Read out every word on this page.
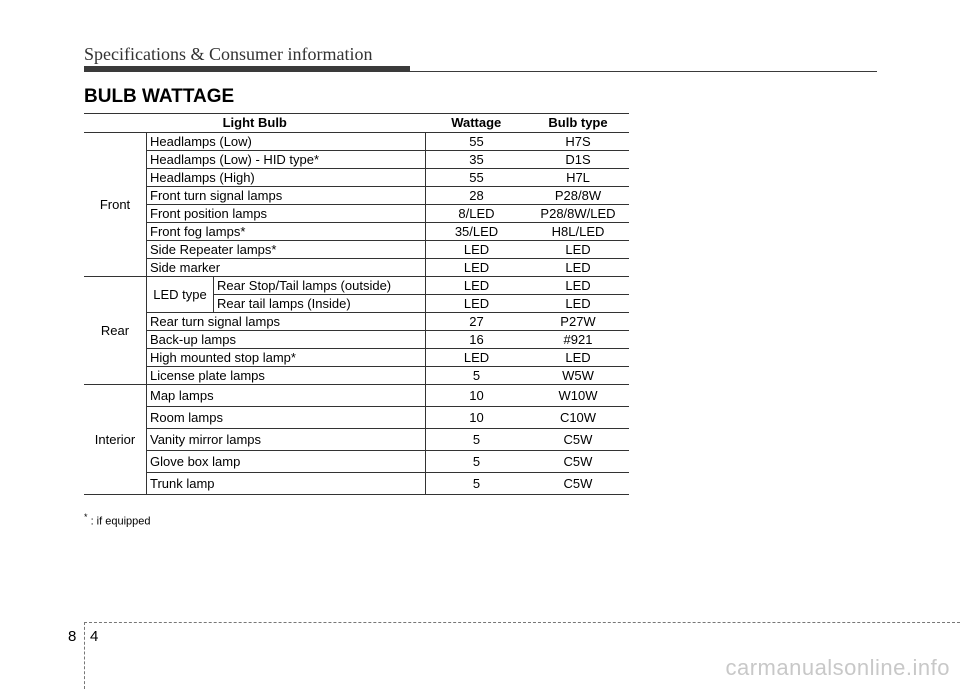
Specifications & Consumer information
BULB WATTAGE
Light Bulb			Wattage	Bulb type
Front	Headlamps (Low)		55	H7S
	Headlamps (Low) - HID type*		35	D1S
	Headlamps (High)		55	H7L
	Front turn signal lamps		28	P28/8W
	Front position lamps		8/LED	P28/8W/LED
	Front fog lamps*		35/LED	H8L/LED
	Side Repeater lamps*		LED	LED
	Side marker		LED	LED
Rear	LED type	Rear Stop/Tail lamps (outside)	LED	LED
		Rear tail lamps (Inside)	LED	LED
	Rear turn signal lamps		27	P27W
	Back-up lamps		16	#921
	High mounted stop lamp*		LED	LED
	License plate lamps		5	W5W
Interior	Map lamps		10	W10W
	Room lamps		10	C10W
	Vanity mirror lamps		5	C5W
	Glove box lamp		5	C5W
	Trunk lamp		5	C5W
* : if equipped
8 4
carmanualsonline.info
